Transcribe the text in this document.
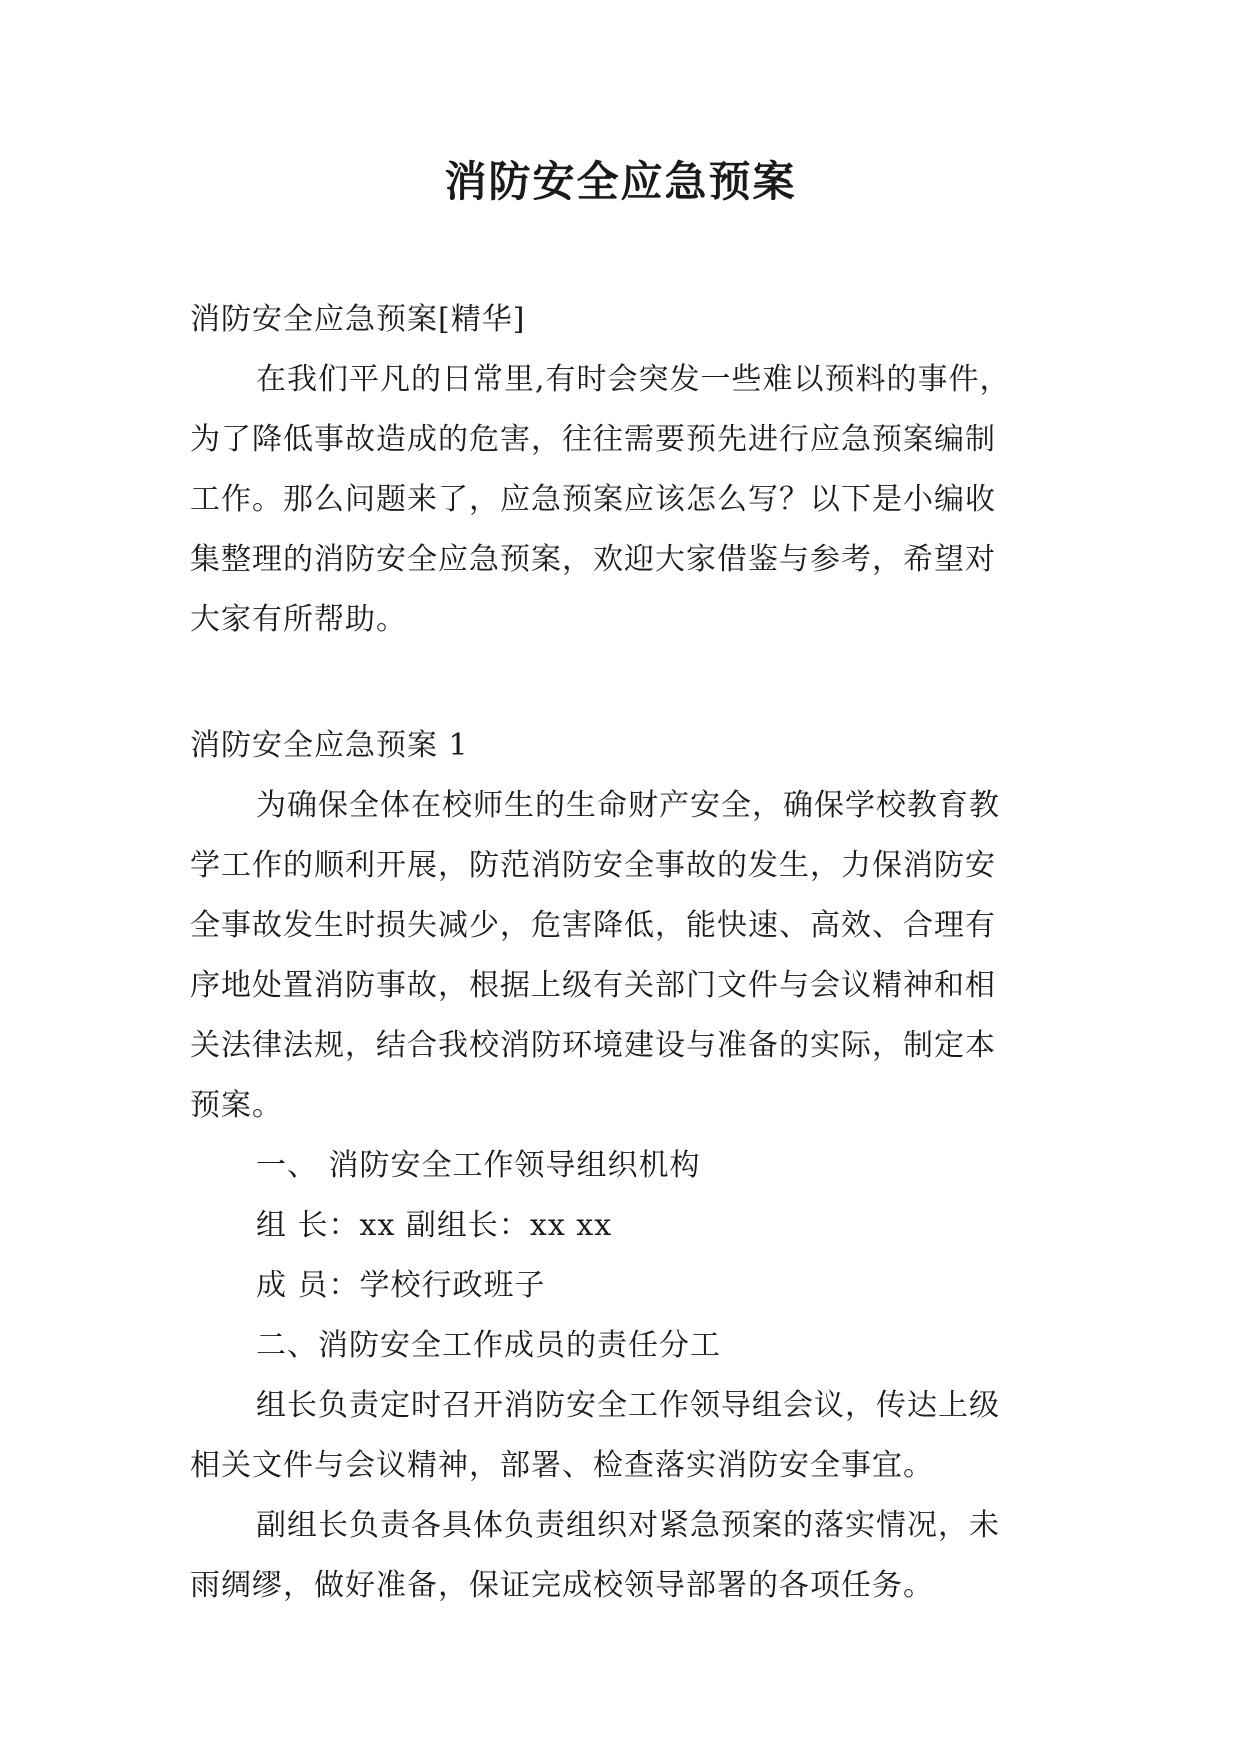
消防安全应急预案
消防安全应急预案[精华]
在我们平凡的日常里,有时会突发一些难以预料的事件，
为了降低事故造成的危害，往往需要预先进行应急预案编制
工作。那么问题来了，应急预案应该怎么写？以下是小编收
集整理的消防安全应急预案，欢迎大家借鉴与参考，希望对
大家有所帮助。
消防安全应急预案 1
为确保全体在校师生的生命财产安全，确保学校教育教
学工作的顺利开展，防范消防安全事故的发生，力保消防安
全事故发生时损失减少，危害降低，能快速、高效、合理有
序地处置消防事故，根据上级有关部门文件与会议精神和相
关法律法规，结合我校消防环境建设与准备的实际，制定本
预案。
一、 消防安全工作领导组织机构
组 长：xx 副组长：xx xx
成 员：学校行政班子
二、消防安全工作成员的责任分工
组长负责定时召开消防安全工作领导组会议，传达上级
相关文件与会议精神，部署、检查落实消防安全事宜。
副组长负责各具体负责组织对紧急预案的落实情况，未
雨绸缪，做好准备，保证完成校领导部署的各项任务。
